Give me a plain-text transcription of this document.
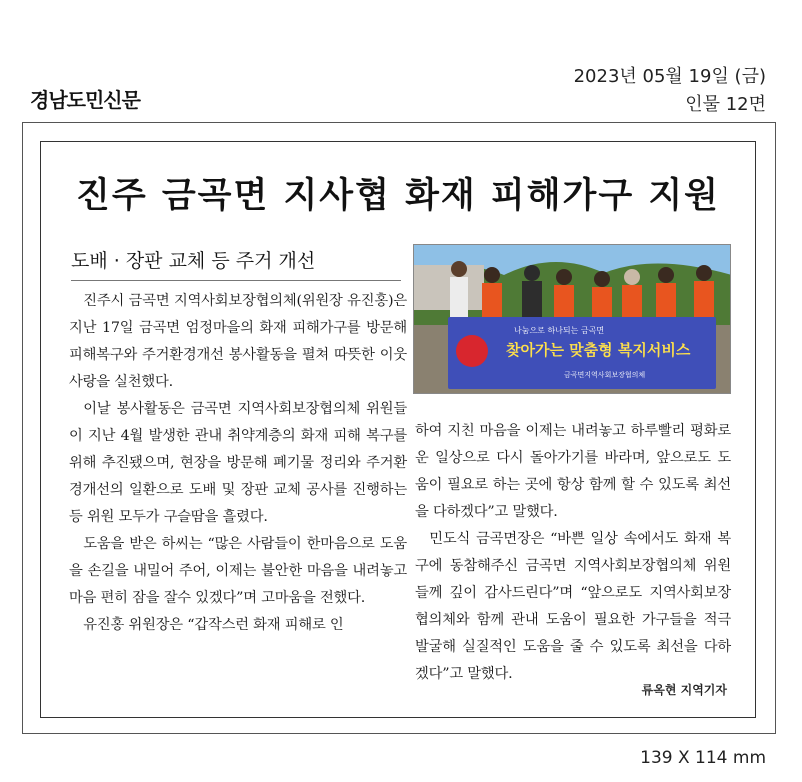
경남도민신문
2023년 05월 19일 (금)
인물 12면
진주 금곡면 지사협 화재 피해가구 지원
도배 · 장판 교체 등 주거 개선
나눔으로 하나되는 금곡면
찾아가는 맞춤형 복지서비스
금곡면지역사회보장협의체

진주시 금곡면 지역사회보장협의체(위원장 유진홍)은 지난 17일 금곡면 엄정마을의 화재 피해가구를 방문해 피해복구와 주거환경개선 봉사활동을 펼쳐 따뜻한 이웃사랑을 실천했다.

이날 봉사활동은 금곡면 지역사회보장협의체 위원들이 지난 4월 발생한 관내 취약계층의 화재 피해 복구를 위해 추진됐으며, 현장을 방문해 폐기물 정리와 주거환경개선의 일환으로 도배 및 장판 교체 공사를 진행하는 등 위원 모두가 구슬땀을 흘렸다.

도움을 받은 하씨는 “많은 사람들이 한마음으로 도움을 손길을 내밀어 주어, 이제는 불안한 마음을 내려놓고 마음 편히 잠을 잘수 있겠다”며 고마움을 전했다.

유진홍 위원장은 “갑작스런 화재 피해로 인

하여 지친 마음을 이제는 내려놓고 하루빨리 평화로운 일상으로 다시 돌아가기를 바라며, 앞으로도 도움이 필요로 하는 곳에 항상 함께 할 수 있도록 최선을 다하겠다”고 말했다.

민도식 금곡면장은 “바쁜 일상 속에서도 화재 복구에 동참해주신 금곡면 지역사회보장협의체 위원들께 깊이 감사드린다”며 “앞으로도 지역사회보장협의체와 함께 관내 도움이 필요한 가구들을 적극 발굴해 실질적인 도움을 줄 수 있도록 최선을 다하겠다”고 말했다.

류옥현 지역기자
139 X 114 mm
